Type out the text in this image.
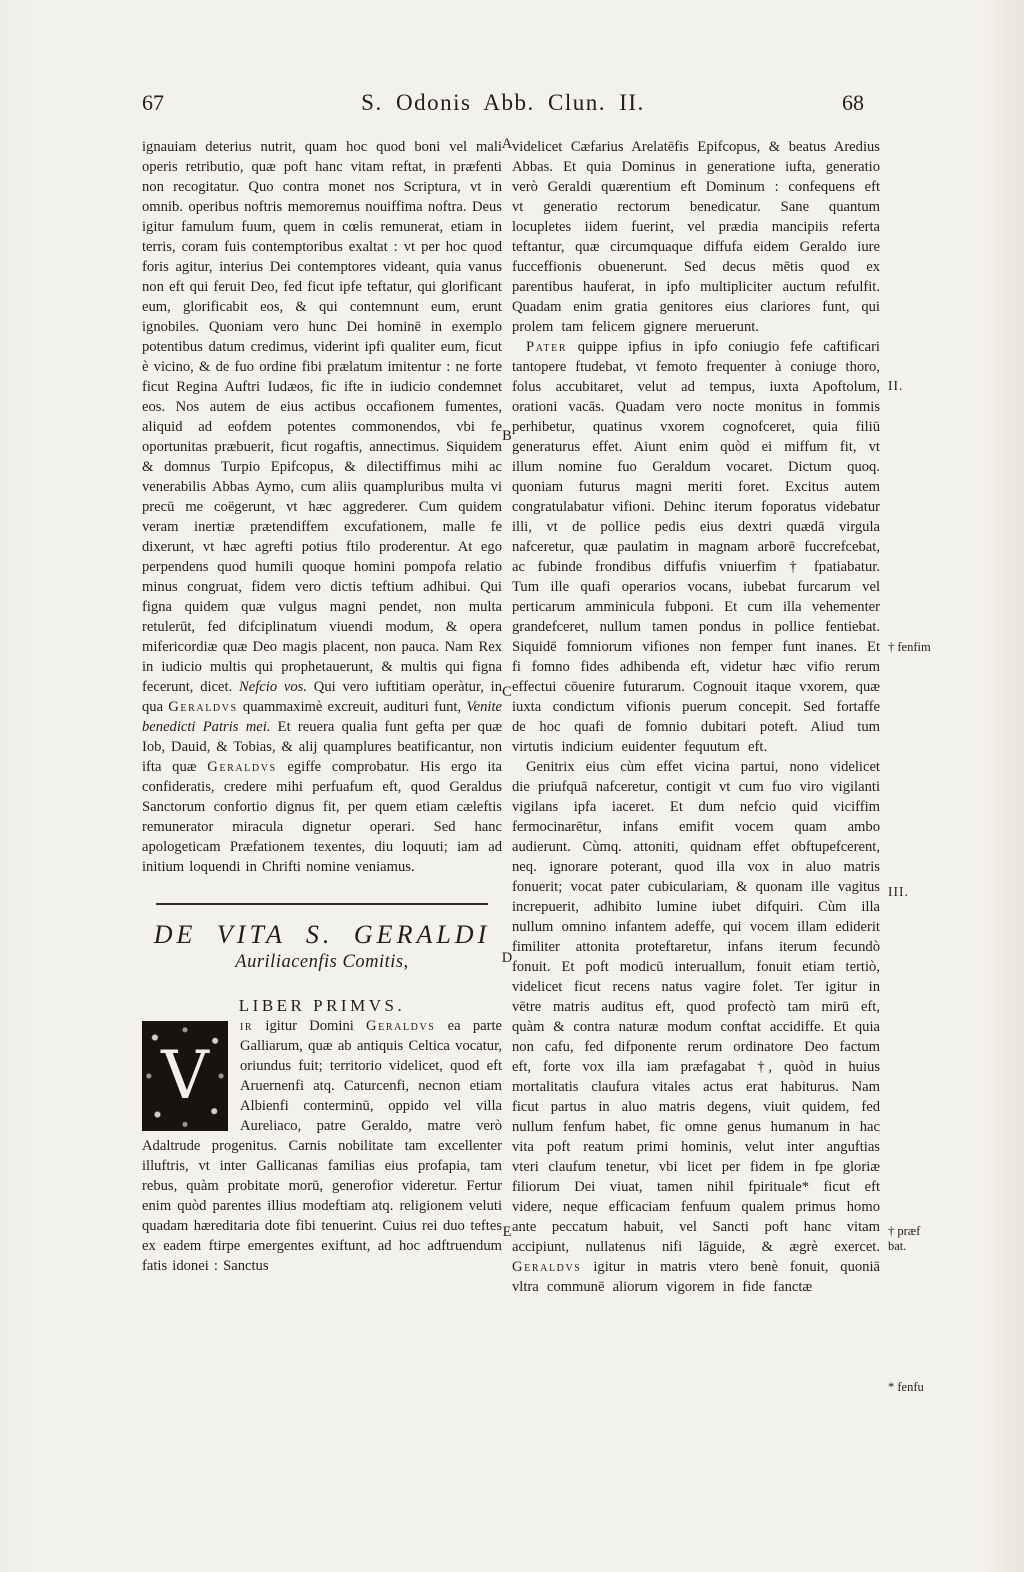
67	S. Odonis Abb. Clun. II.	68

ignauiam deterius nutrit, quam hoc quod boni vel mali operis retributio, quæ poft hanc vitam reftat, in præfenti non recogitatur. Quo contra monet nos Scriptura, vt in omnib. operibus noftris memoremus nouiffima noftra. Deus igitur famulum fuum, quem in cœlis remunerat, etiam in terris, coram fuis contemptoribus exaltat : vt per hoc quod foris agitur, interius Dei contemptores videant, quia vanus non eft qui feruit Deo, fed ficut ipfe teftatur, qui glorificant eum, glorificabit eos, & qui contemnunt eum, erunt ignobiles. Quoniam vero hunc Dei hominē in exemplo potentibus datum credimus, viderint ipfi qualiter eum, ficut è vicino, & de fuo ordine fibi prælatum imitentur : ne forte ficut Regina Auftri Iudæos, fic ifte in iudicio condemnet eos. Nos autem de eius actibus occafionem fumentes, aliquid ad eofdem potentes commonendos, vbi fe oportunitas præbuerit, ficut rogaftis, annectimus. Siquidem & domnus Turpio Epifcopus, & dilectiffimus mihi ac venerabilis Abbas Aymo, cum aliis quampluribus multa vi precū me coëgerunt, vt hæc aggrederer. Cum quidem veram inertiæ prætendiffem excufationem, malle fe dixerunt, vt hæc agrefti potius ftilo proderentur. At ego perpendens quod humili quoque homini pompofa relatio minus congruat, fidem vero dictis teftium adhibui. Qui figna quidem quæ vulgus magni pendet, non multa retulerūt, fed difciplinatum viuendi modum, & opera mifericordiæ quæ Deo magis placent, non pauca. Nam Rex in iudicio multis qui prophetauerunt, & multis qui figna fecerunt, dicet. Nefcio vos. Qui vero iuftitiam operàtur, in qua Geraldvs quammaximè excreuit, audituri funt, Venite benedicti Patris mei. Et reuera qualia funt gefta per quæ Iob, Dauid, & Tobias, & alij quamplures beatificantur, non ifta quæ Geraldvs egiffe comprobatur. His ergo ita confideratis, credere mihi perfuafum eft, quod Geraldus Sanctorum confortio dignus fit, per quem etiam cæleftis remunerator miracula dignetur operari. Sed hanc apologeticam Præfationem texentes, diu loquuti; iam ad initium loquendi in Chrifti nomine veniamus.

DE VITA S. GERALDI
Auriliacenfis Comitis,
LIBER PRIMVS.

V
ir igitur Domini Geraldvs ea parte Galliarum, quæ ab antiquis Celtica vocatur, oriundus fuit; territorio videlicet, quod eft Aruernenfi atq. Caturcenfi, necnon etiam Albienfi conterminū, oppido vel villa Aureliaco, patre Geraldo, matre verò Adaltrude progenitus. Carnis nobilitate tam excellenter illuftris, vt inter Gallicanas familias eius profapia, tam rebus, quàm probitate morū, generofior videretur. Fertur enim quòd parentes illius modeftiam atq. religionem veluti quadam hæreditaria dote fibi tenuerint. Cuius rei duo teftes ex eadem ftirpe emergentes exiftunt, ad hoc adftruendum fatis idonei : Sanctus

videlicet Cæfarius Arelatēfis Epifcopus, & beatus Aredius Abbas. Et quia Dominus in generatione iufta, generatio verò Geraldi quærentium eft Dominum : confequens eft vt generatio rectorum benedicatur. Sane quantum locupletes iidem fuerint, vel prædia mancipiis referta teftantur, quæ circumquaque diffufa eidem Geraldo iure fucceffionis obuenerunt. Sed decus mētis quod ex parentibus hauferat, in ipfo multipliciter auctum refulfit. Quadam enim gratia genitores eius clariores funt, qui prolem tam felicem gignere meruerunt.

Pater quippe ipfius in ipfo coniugio fefe caftificari tantopere ftudebat, vt femoto frequenter à coniuge thoro, folus accubitaret, velut ad tempus, iuxta Apoftolum, orationi vacās. Quadam vero nocte monitus in fommis perhibetur, quatinus vxorem cognofceret, quia filiū generaturus effet. Aiunt enim quòd ei miffum fit, vt illum nomine fuo Geraldum vocaret. Dictum quoq. quoniam futurus magni meriti foret. Excitus autem congratulabatur vifioni. Dehinc iterum foporatus videbatur illi, vt de pollice pedis eius dextri quædā virgula nafceretur, quæ paulatim in magnam arborē fuccrefcebat, ac fubinde frondibus diffufis vniuerfim † fpatiabatur. Tum ille quafi operarios vocans, iubebat furcarum vel perticarum amminicula fubponi. Et cum illa vehementer grandefceret, nullum tamen pondus in pollice fentiebat. Siquidē fomniorum vifiones non femper funt inanes. Et fi fomno fides adhibenda eft, videtur hæc vifio rerum effectui cōuenire futurarum. Cognouit itaque vxorem, quæ iuxta condictum vifionis puerum concepit. Sed fortaffe de hoc quafi de fomnio dubitari poteft. Aliud tum virtutis indicium euidenter fequutum eft.

Genitrix eius cùm effet vicina partui, nono videlicet die priufquā nafceretur, contigit vt cum fuo viro vigilanti vigilans ipfa iaceret. Et dum nefcio quid viciffim fermocinarētur, infans emifit vocem quam ambo audierunt. Cùmq. attoniti, quidnam effet obftupefcerent, neq. ignorare poterant, quod illa vox in aluo matris fonuerit; vocat pater cubiculariam, & quonam ille vagitus increpuerit, adhibito lumine iubet difquiri. Cùm illa nullum omnino infantem adeffe, qui vocem illam ediderit fimiliter attonita proteftaretur, infans iterum fecundò fonuit. Et poft modicū interuallum, fonuit etiam tertiò, videlicet ficut recens natus vagire folet. Ter igitur in vētre matris auditus eft, quod profectò tam mirū eft, quàm & contra naturæ modum conftat accidiffe. Et quia non cafu, fed difponente rerum ordinatore Deo factum eft, forte vox illa iam præfagabat †, quòd in huius mortalitatis claufura vitales actus erat habiturus. Nam ficut partus in aluo matris degens, viuit quidem, fed nullum fenfum habet, fic omne genus humanum in hac vita poft reatum primi hominis, velut inter anguftias vteri claufum tenetur, vbi licet per fidem in fpe gloriæ filiorum Dei viuat, tamen nihil fpirituale* ficut eft videre, neque efficaciam fenfuum qualem primus homo ante peccatum habuit, vel Sancti poft hanc vitam accipiunt, nullatenus nifi lāguide, & ægrè exercet. Geraldvs igitur in matris vtero benè fonuit, quoniā vltra communē aliorum vigorem in fide fanctæ

A
B
C
D
E
II.
† fenfim
III.
† præf
bat.
* fenfu
